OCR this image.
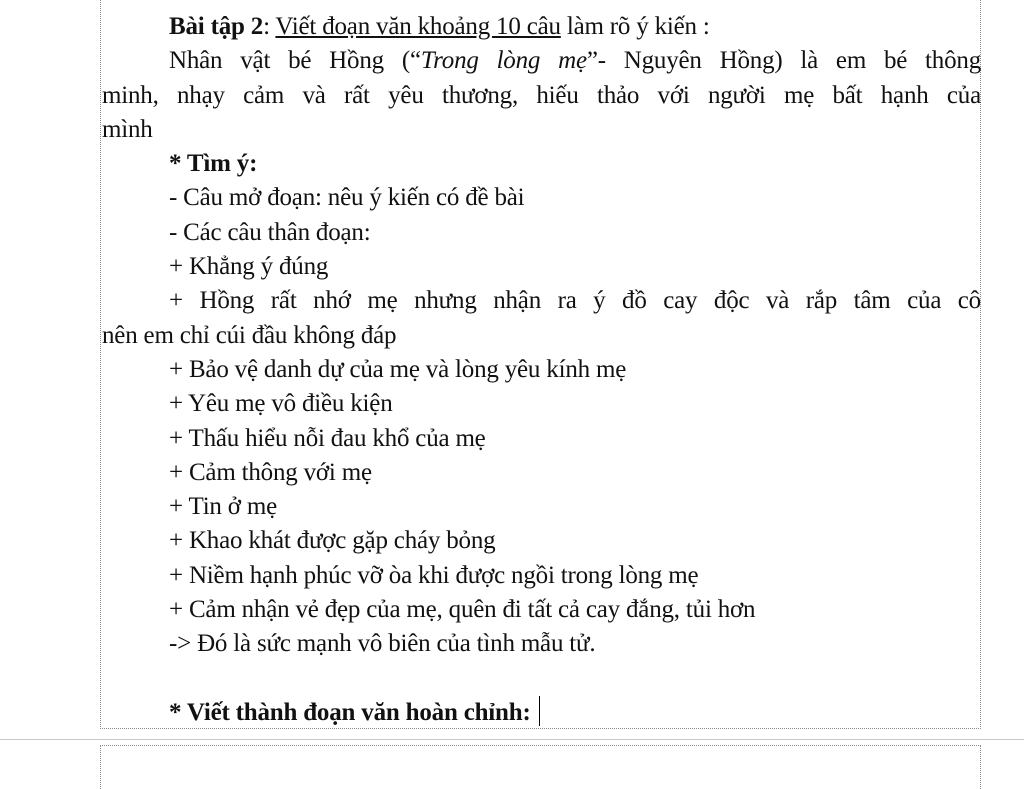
Bài tập 2: Viết đoạn văn khoảng 10 câu làm rõ ý kiến :
Nhân vật bé Hồng (“Trong lòng mẹ”- Nguyên Hồng) là em bé thông
minh, nhạy cảm và rất yêu thương, hiếu thảo với người mẹ bất hạnh của
mình
* Tìm ý:
- Câu mở đoạn: nêu ý kiến có đề bài
- Các câu thân đoạn:
+ Khẳng ý đúng
+ Hồng rất nhớ mẹ nhưng nhận ra ý đồ cay độc và rắp tâm của cô
nên em chỉ cúi đầu không đáp
+ Bảo vệ danh dự của mẹ và lòng yêu kính mẹ
+ Yêu mẹ vô điều kiện
+ Thấu hiểu nỗi đau khổ của mẹ
+ Cảm thông với mẹ
+ Tin ở mẹ
+ Khao khát được gặp cháy bỏng
+ Niềm hạnh phúc vỡ òa khi được ngồi trong lòng mẹ
+ Cảm nhận vẻ đẹp của mẹ, quên đi tất cả cay đắng, tủi hơn
-> Đó là sức mạnh vô biên của tình mẫu tử.
* Viết thành đoạn văn hoàn chỉnh:
